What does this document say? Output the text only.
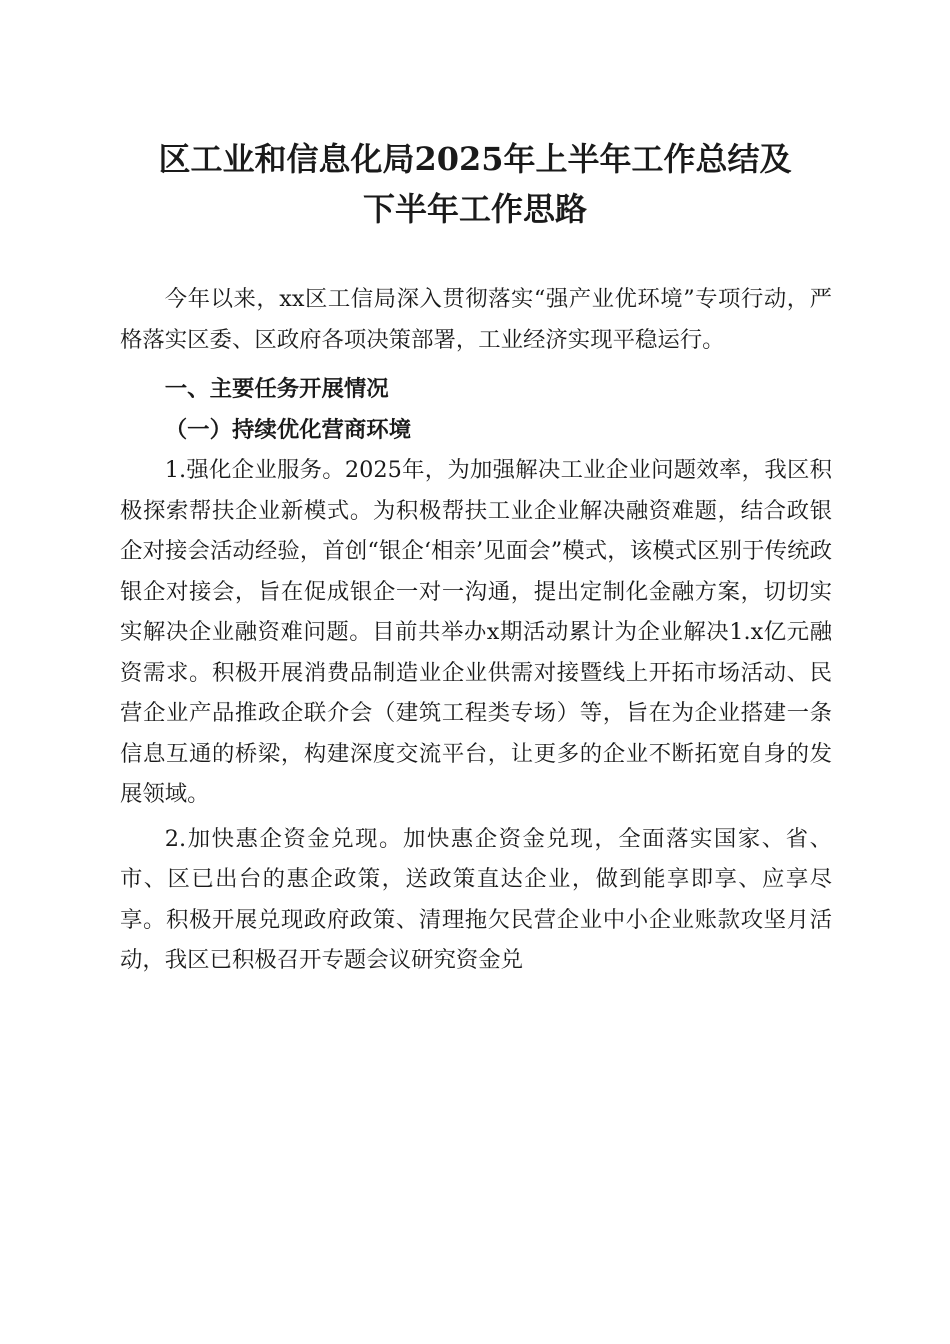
区工业和信息化局2025年上半年工作总结及
下半年工作思路

今年以来，xx区工信局深入贯彻落实“强产业优环境”专项行动，严格落实区委、区政府各项决策部署，工业经济实现平稳运行。

一、主要任务开展情况

（一）持续优化营商环境

1.强化企业服务。2025年，为加强解决工业企业问题效率，我区积极探索帮扶企业新模式。为积极帮扶工业企业解决融资难题，结合政银企对接会活动经验，首创“银企‘相亲’见面会”模式，该模式区别于传统政银企对接会，旨在促成银企一对一沟通，提出定制化金融方案，切切实实解决企业融资难问题。目前共举办x期活动累计为企业解决1.x亿元融资需求。积极开展消费品制造业企业供需对接暨线上开拓市场活动、民营企业产品推政企联介会（建筑工程类专场）等，旨在为企业搭建一条信息互通的桥梁，构建深度交流平台，让更多的企业不断拓宽自身的发展领域。

2.加快惠企资金兑现。加快惠企资金兑现，全面落实国家、省、市、区已出台的惠企政策，送政策直达企业，做到能享即享、应享尽享。积极开展兑现政府政策、清理拖欠民营企业中小企业账款攻坚月活动，我区已积极召开专题会议研究资金兑
